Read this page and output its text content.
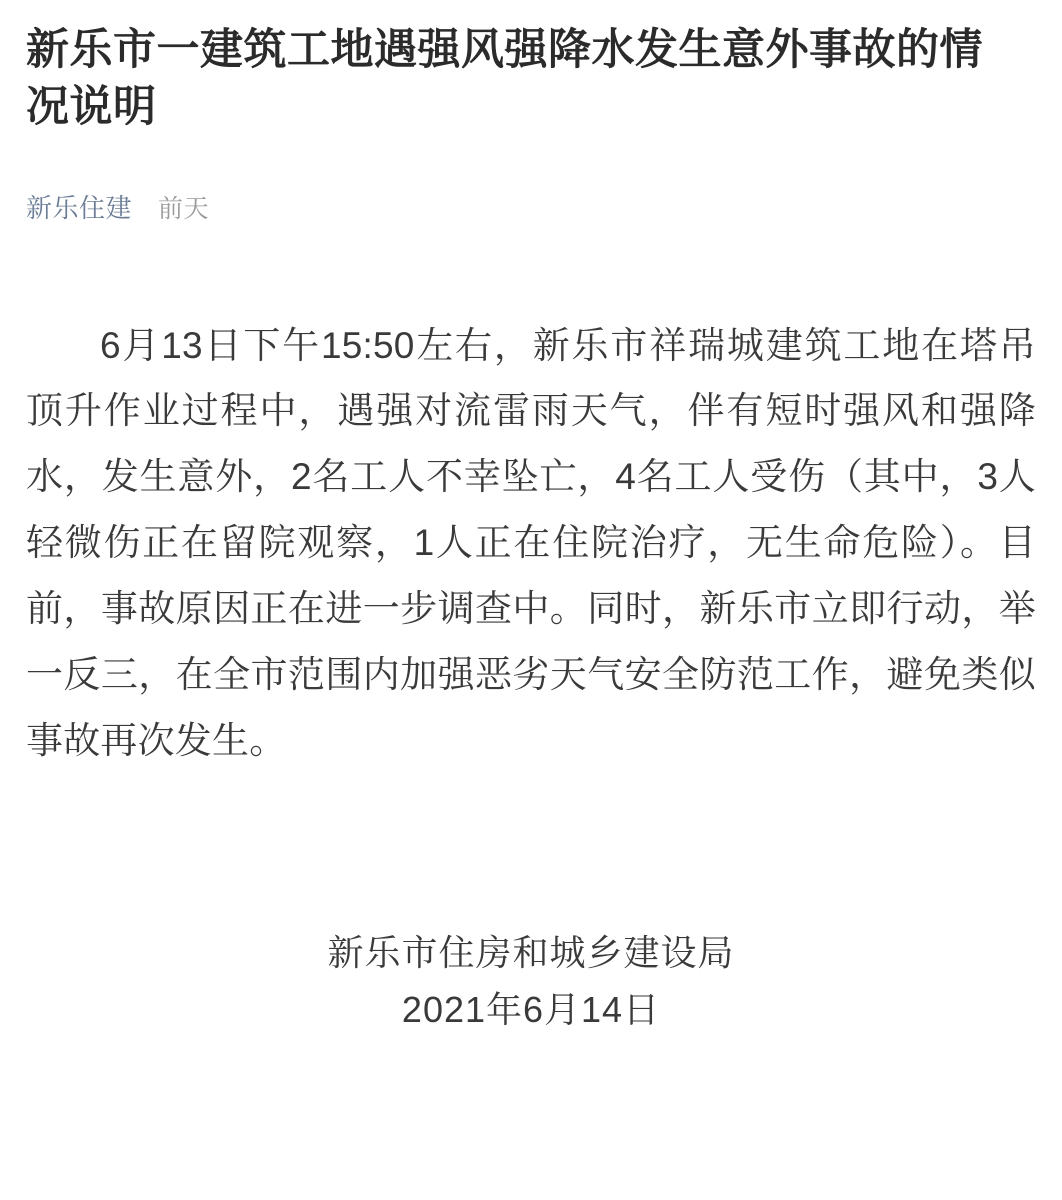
新乐市一建筑工地遇强风强降水发生意外事故的情况说明
新乐住建 前天

6月13日下午15:50左右，新乐市祥瑞城建筑工地在塔吊顶升作业过程中，遇强对流雷雨天气，伴有短时强风和强降水，发生意外，2名工人不幸坠亡，4名工人受伤（其中，3人轻微伤正在留院观察，1人正在住院治疗，无生命危险）。目前，事故原因正在进一步调查中。同时，新乐市立即行动，举一反三，在全市范围内加强恶劣天气安全防范工作，避免类似事故再次发生。

新乐市住房和城乡建设局
2021年6月14日
